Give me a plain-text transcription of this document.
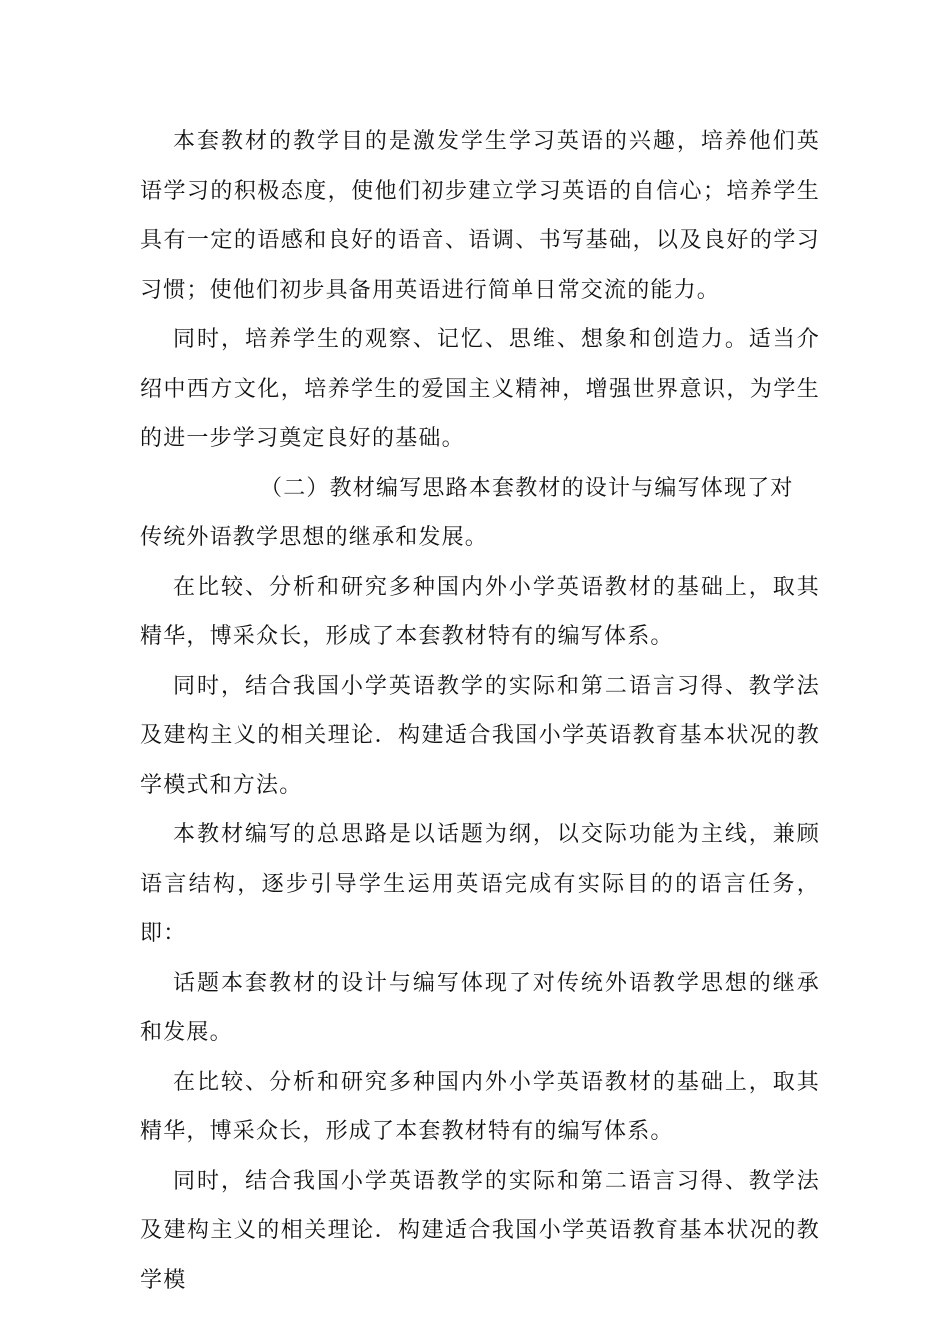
本套教材的教学目的是激发学生学习英语的兴趣，培养他们英语学习的积极态度，使他们初步建立学习英语的自信心；培养学生具有一定的语感和良好的语音、语调、书写基础，以及良好的学习习惯；使他们初步具备用英语进行简单日常交流的能力。

同时，培养学生的观察、记忆、思维、想象和创造力。适当介绍中西方文化，培养学生的爱国主义精神，增强世界意识，为学生的进一步学习奠定良好的基础。

（二）教材编写思路本套教材的设计与编写体现了对

传统外语教学思想的继承和发展。

在比较、分析和研究多种国内外小学英语教材的基础上，取其精华，博采众长，形成了本套教材特有的编写体系。

同时，结合我国小学英语教学的实际和第二语言习得、教学法及建构主义的相关理论．构建适合我国小学英语教育基本状况的教学模式和方法。

本教材编写的总思路是以话题为纲，以交际功能为主线，兼顾语言结构，逐步引导学生运用英语完成有实际目的的语言任务，即：

话题本套教材的设计与编写体现了对传统外语教学思想的继承和发展。

在比较、分析和研究多种国内外小学英语教材的基础上，取其精华，博采众长，形成了本套教材特有的编写体系。

同时，结合我国小学英语教学的实际和第二语言习得、教学法及建构主义的相关理论．构建适合我国小学英语教育基本状况的教学模
